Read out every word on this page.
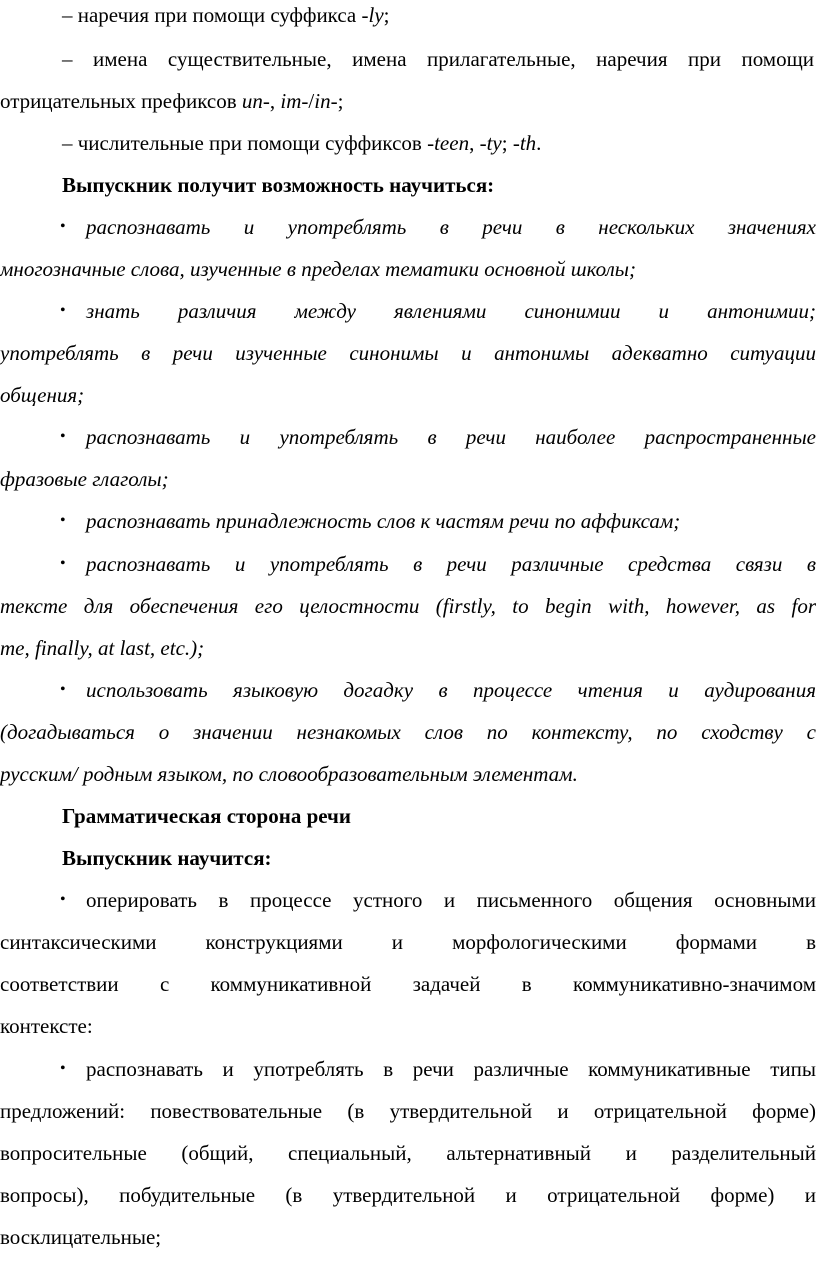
– наречия при помощи суффикса -ly;
– имена существительные, имена прилагательные, наречия при помощи
отрицательных префиксов un-, im-/in-;
– числительные при помощи суффиксов -teen, -ty; -th.
Выпускник получит возможность научиться:
• распознавать и употреблять в речи в нескольких значениях
многозначные слова, изученные в пределах тематики основной школы;
• знать различия между явлениями синонимии и антонимии;
употреблять в речи изученные синонимы и антонимы адекватно ситуации
общения;
• распознавать и употреблять в речи наиболее распространенные
фразовые глаголы;
• распознавать принадлежность слов к частям речи по аффиксам;
• распознавать и употреблять в речи различные средства связи в
тексте для обеспечения его целостности (firstly, to begin with, however, as for
me, finally, at last, etc.);
• использовать языковую догадку в процессе чтения и аудирования
(догадываться о значении незнакомых слов по контексту, по сходству с
русским/ родным языком, по словообразовательным элементам.
Грамматическая сторона речи
Выпускник научится:
• оперировать в процессе устного и письменного общения основными
синтаксическими конструкциями и морфологическими формами в
соответствии с коммуникативной задачей в коммуникативно-значимом
контексте:
• распознавать и употреблять в речи различные коммуникативные типы
предложений: повествовательные (в утвердительной и отрицательной форме)
вопросительные (общий, специальный, альтернативный и разделительный
вопросы), побудительные (в утвердительной и отрицательной форме) и
восклицательные;
